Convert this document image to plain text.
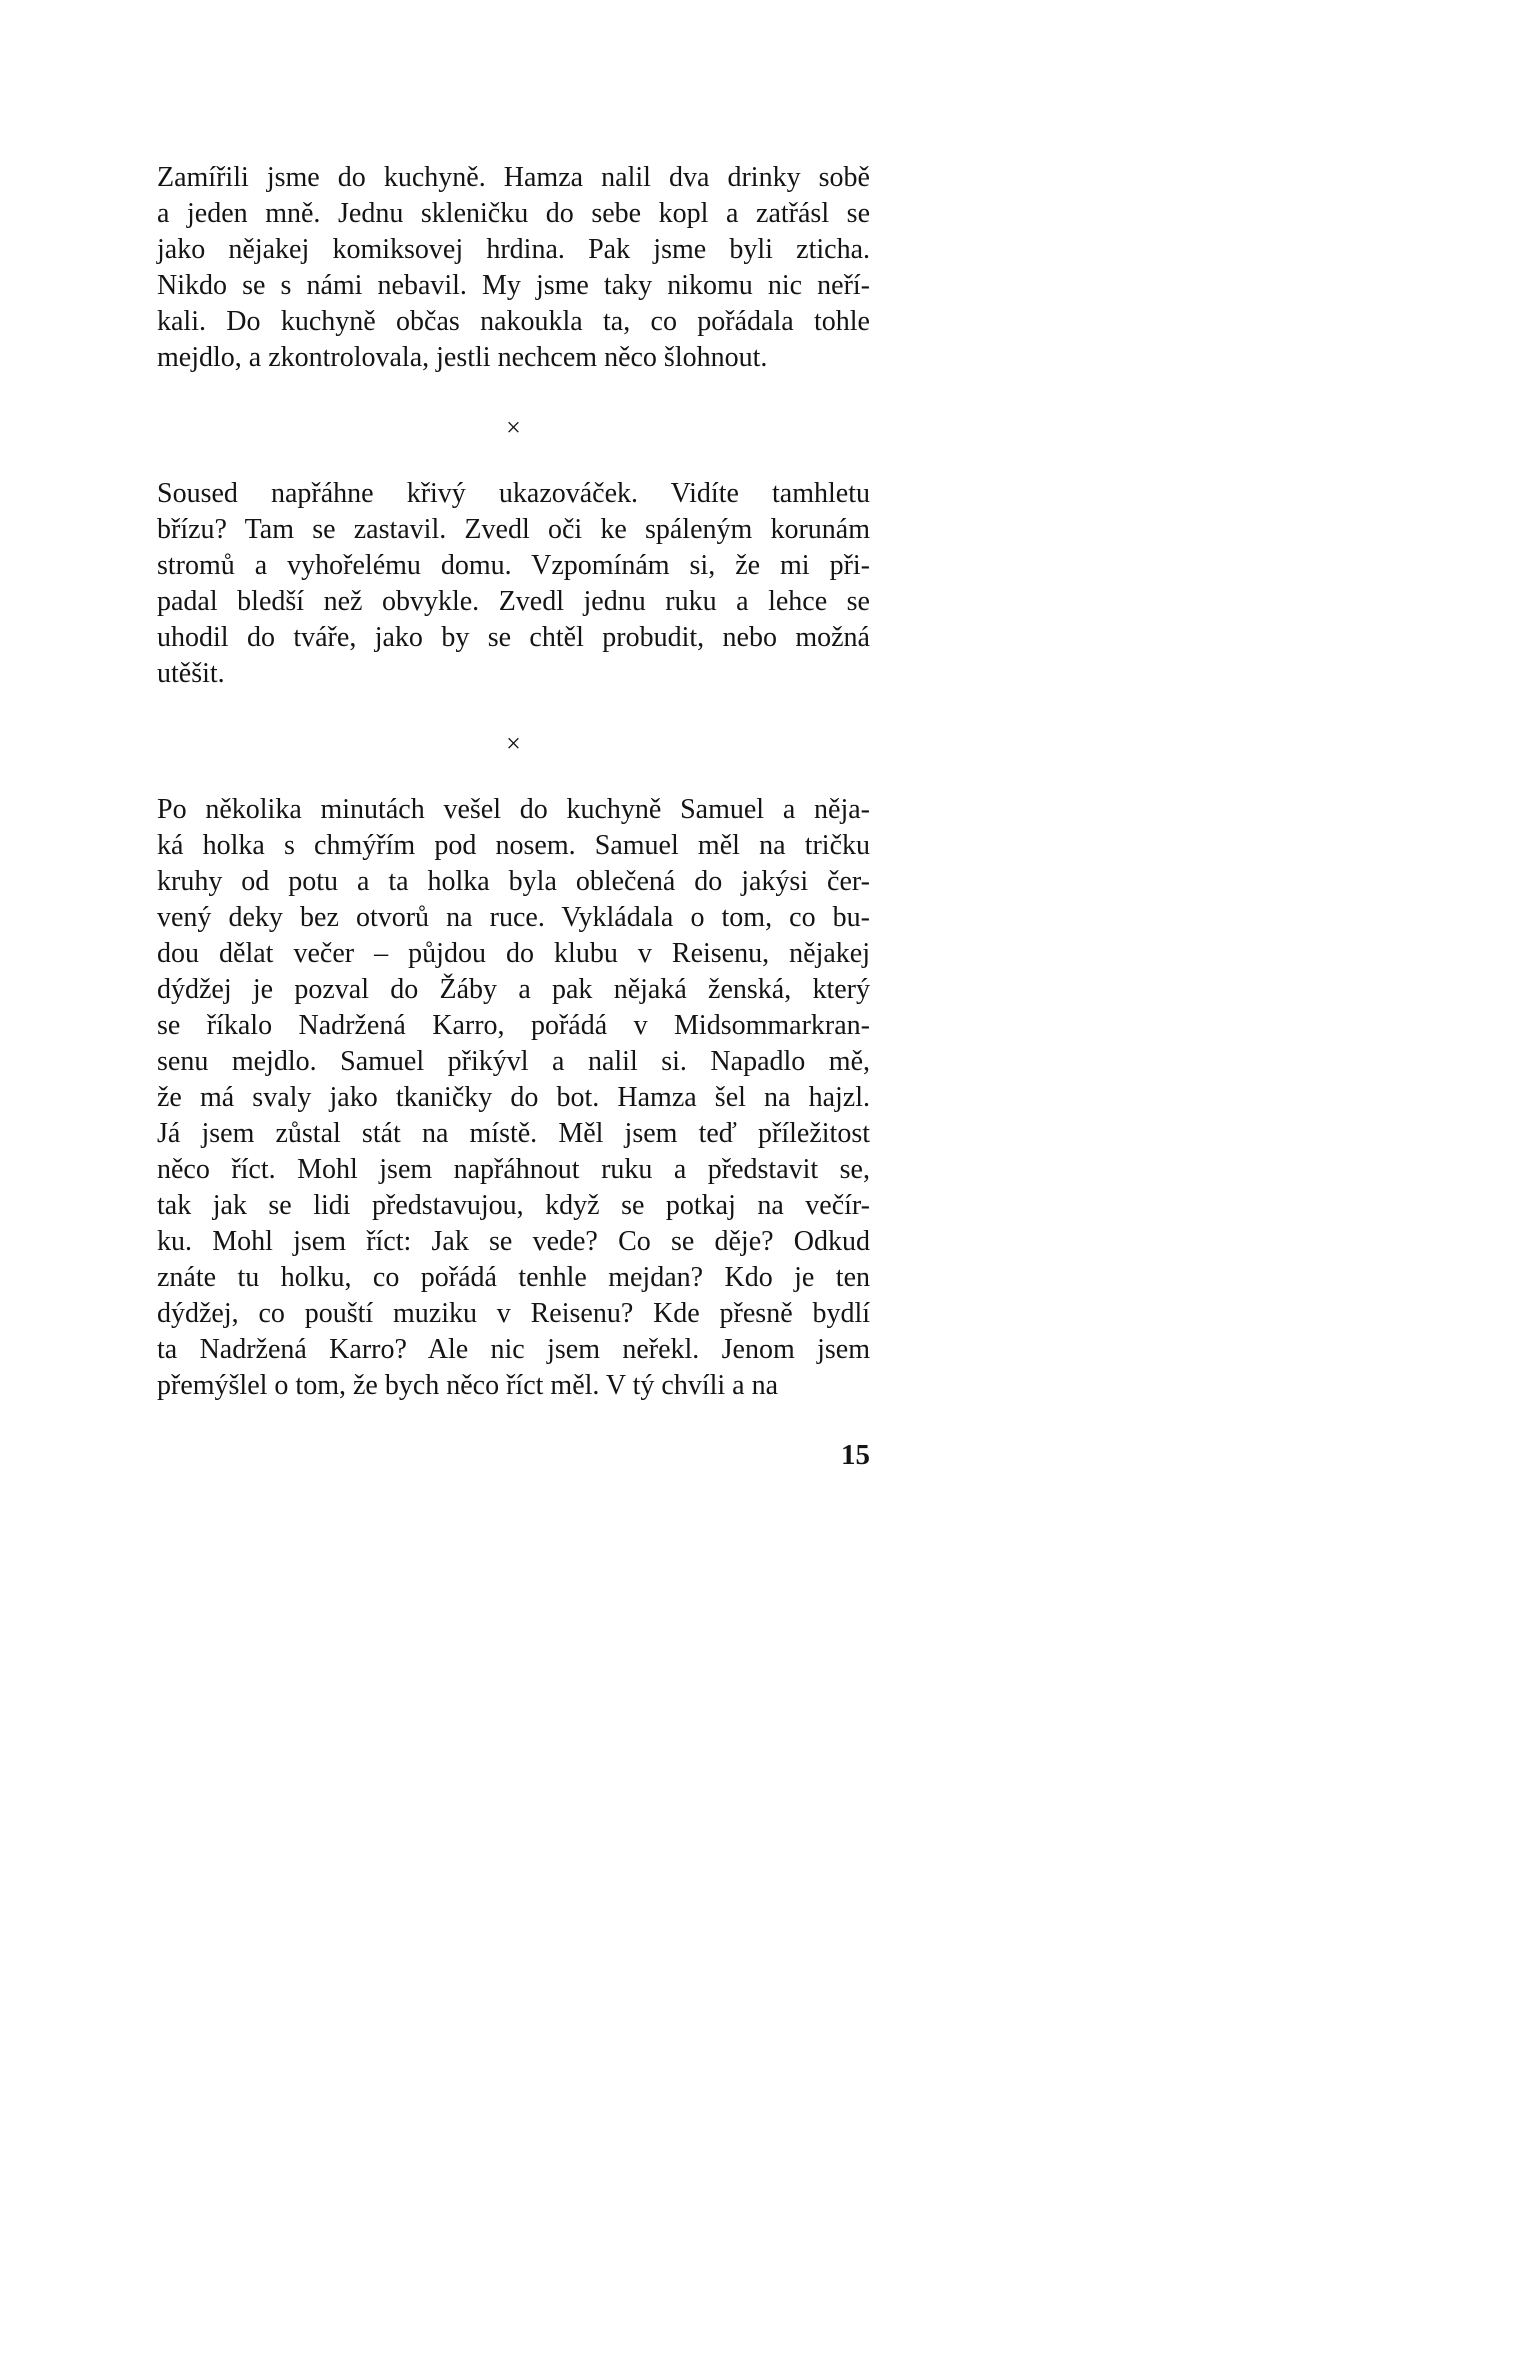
Zamířili jsme do kuchyně. Hamza nalil dva drinky sobě
a jeden mně. Jednu skleničku do sebe kopl a zatřásl se
jako nějakej komiksovej hrdina. Pak jsme byli zticha.
Nikdo se s námi nebavil. My jsme taky nikomu nic neří-
kali. Do kuchyně občas nakoukla ta, co pořádala tohle
mejdlo, a zkontrolovala, jestli nechcem něco šlohnout.

×

Soused napřáhne křivý ukazováček. Vidíte tamhletu
břízu? Tam se zastavil. Zvedl oči ke spáleným korunám
stromů a vyhořelému domu. Vzpomínám si, že mi při-
padal bledší než obvykle. Zvedl jednu ruku a lehce se
uhodil do tváře, jako by se chtěl probudit, nebo možná
utěšit.

×

Po několika minutách vešel do kuchyně Samuel a něja-
ká holka s chmýřím pod nosem. Samuel měl na tričku
kruhy od potu a ta holka byla oblečená do jakýsi čer-
vený deky bez otvorů na ruce. Vykládala o tom, co bu-
dou dělat večer – půjdou do klubu v Reisenu, nějakej
dýdžej je pozval do Žáby a pak nějaká ženská, který
se říkalo Nadržená Karro, pořádá v Midsommarkran-
senu mejdlo. Samuel přikývl a nalil si. Napadlo mě,
že má svaly jako tkaničky do bot. Hamza šel na hajzl.
Já jsem zůstal stát na místě. Měl jsem teď příležitost
něco říct. Mohl jsem napřáhnout ruku a představit se,
tak jak se lidi představujou, když se potkaj na večír-
ku. Mohl jsem říct: Jak se vede? Co se děje? Odkud
znáte tu holku, co pořádá tenhle mejdan? Kdo je ten
dýdžej, co pouští muziku v Reisenu? Kde přesně bydlí
ta Nadržená Karro? Ale nic jsem neřekl. Jenom jsem
přemýšlel o tom, že bych něco říct měl. V tý chvíli a na

15
